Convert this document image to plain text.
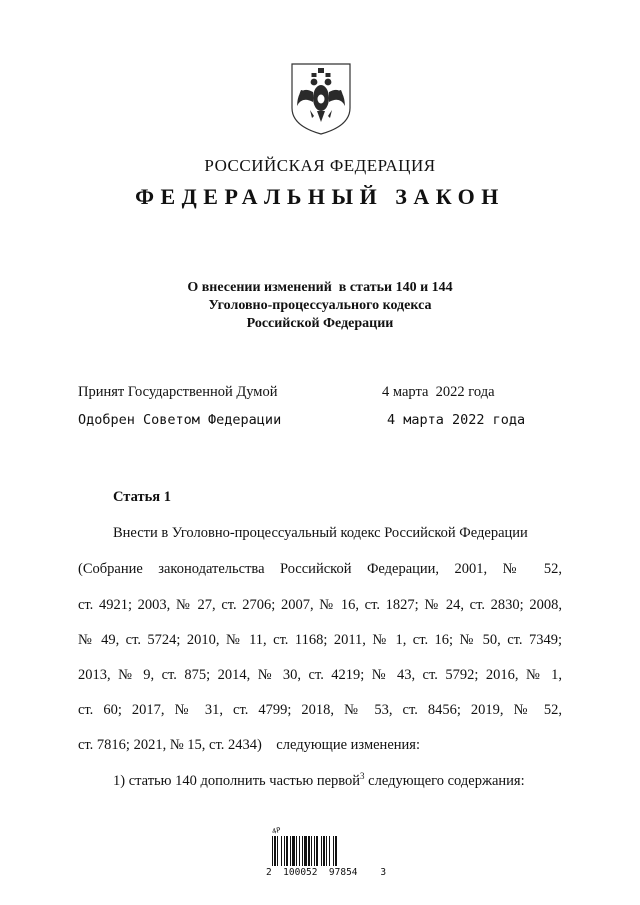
РОССИЙСКАЯ ФЕДЕРАЦИЯ
ФЕДЕРАЛЬНЫЙ ЗАКОН
О внесении изменений  в статьи 140 и 144
Уголовно-процессуального кодекса
Российской Федерации
Принят Государственной Думой	4 марта  2022 года
Одобрен Советом Федерации	4 марта 2022 года
Статья 1
Внести в Уголовно-процессуальный кодекс Российской Федерации
(Собрание законодательства Российской Федерации, 2001, № 52,
ст. 4921; 2003, № 27, ст. 2706; 2007, № 16, ст. 1827; № 24, ст. 2830; 2008,
№ 49, ст. 5724; 2010, № 11, ст. 1168; 2011, № 1, ст. 16; № 50, ст. 7349;
2013, № 9, ст. 875; 2014, № 30, ст. 4219; № 43, ст. 5792; 2016, № 1,
ст. 60; 2017, № 31, ст. 4799; 2018, № 53, ст. 8456; 2019, № 52,
ст. 7816; 2021, № 15, ст. 2434)    следующие изменения:
1) статью 140 дополнить частью первой$^3$ следующего содержания:
4Р
2  100052  97854    3
